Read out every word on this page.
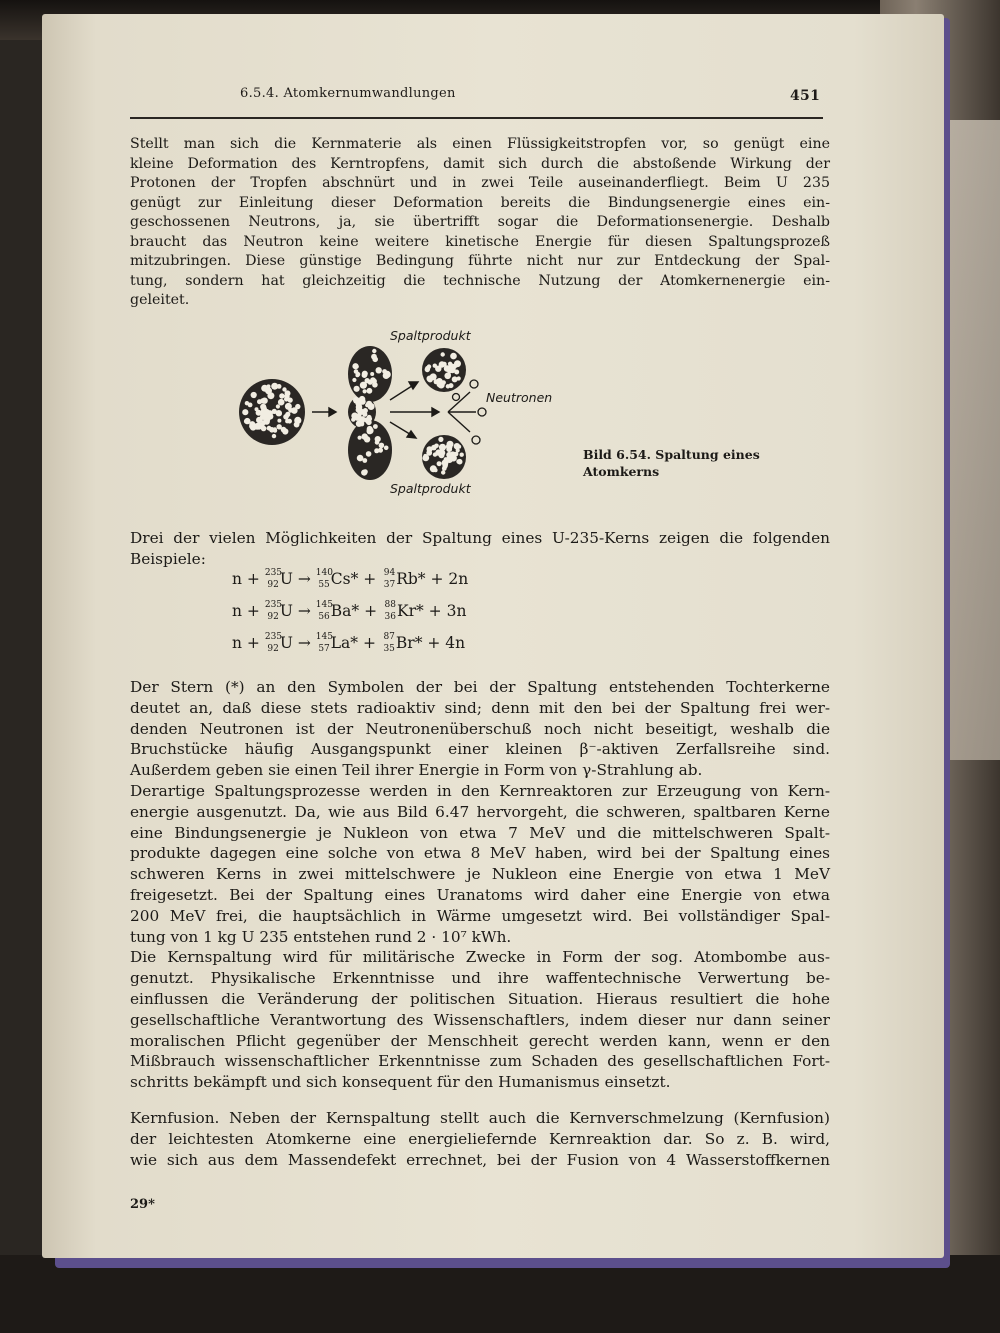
6.5.4. Atomkernumwandlungen	451
Stellt man sich die Kernmaterie als einen Flüssigkeitstropfen vor, so genügt eine
kleine Deformation des Kerntropfens, damit sich durch die abstoßende Wirkung der
Protonen der Tropfen abschnürt und in zwei Teile auseinanderfliegt. Beim U 235
genügt zur Einleitung dieser Deformation bereits die Bindungsenergie eines ein-
geschossenen Neutrons, ja, sie übertrifft sogar die Deformationsenergie. Deshalb
braucht das Neutron keine weitere kinetische Energie für diesen Spaltungsprozeß
mitzubringen. Diese günstige Bedingung führte nicht nur zur Entdeckung der Spal-
tung, sondern hat gleichzeitig die technische Nutzung der Atomkernenergie ein-
geleitet.
Spaltprodukt
Neutronen
Spaltprodukt
Bild 6.54. Spaltung eines
Atomkerns
Drei der vielen Möglichkeiten der Spaltung eines U-235-Kerns zeigen die folgenden
Beispiele:
n + 235
92 U → 140
55 Cs* + 94
37 Rb* + 2n
n + 235
92 U → 145
56 Ba* + 88
36 Kr* + 3n
n + 235
92 U → 145
57 La* + 87
35 Br* + 4n
Der Stern (*) an den Symbolen der bei der Spaltung entstehenden Tochterkerne
deutet an, daß diese stets radioaktiv sind; denn mit den bei der Spaltung frei wer-
denden Neutronen ist der Neutronenüberschuß noch nicht beseitigt, weshalb die
Bruchstücke häufig Ausgangspunkt einer kleinen β⁻-aktiven Zerfallsreihe sind.
Außerdem geben sie einen Teil ihrer Energie in Form von γ-Strahlung ab.
Derartige Spaltungsprozesse werden in den Kernreaktoren zur Erzeugung von Kern-
energie ausgenutzt. Da, wie aus Bild 6.47 hervorgeht, die schweren, spaltbaren Kerne
eine Bindungsenergie je Nukleon von etwa 7 MeV und die mittelschweren Spalt-
produkte dagegen eine solche von etwa 8 MeV haben, wird bei der Spaltung eines
schweren Kerns in zwei mittelschwere je Nukleon eine Energie von etwa 1 MeV
freigesetzt. Bei der Spaltung eines Uranatoms wird daher eine Energie von etwa
200 MeV frei, die hauptsächlich in Wärme umgesetzt wird. Bei vollständiger Spal-
tung von 1 kg U 235 entstehen rund 2 · 10⁷ kWh.
Die Kernspaltung wird für militärische Zwecke in Form der sog. Atombombe aus-
genutzt. Physikalische Erkenntnisse und ihre waffentechnische Verwertung be-
einflussen die Veränderung der politischen Situation. Hieraus resultiert die hohe
gesellschaftliche Verantwortung des Wissenschaftlers, indem dieser nur dann seiner
moralischen Pflicht gegenüber der Menschheit gerecht werden kann, wenn er den
Mißbrauch wissenschaftlicher Erkenntnisse zum Schaden des gesellschaftlichen Fort-
schritts bekämpft und sich konsequent für den Humanismus einsetzt.
Kernfusion. Neben der Kernspaltung stellt auch die Kernverschmelzung (Kernfusion)
der leichtesten Atomkerne eine energieliefernde Kernreaktion dar. So z. B. wird,
wie sich aus dem Massendefekt errechnet, bei der Fusion von 4 Wasserstoffkernen
29*
